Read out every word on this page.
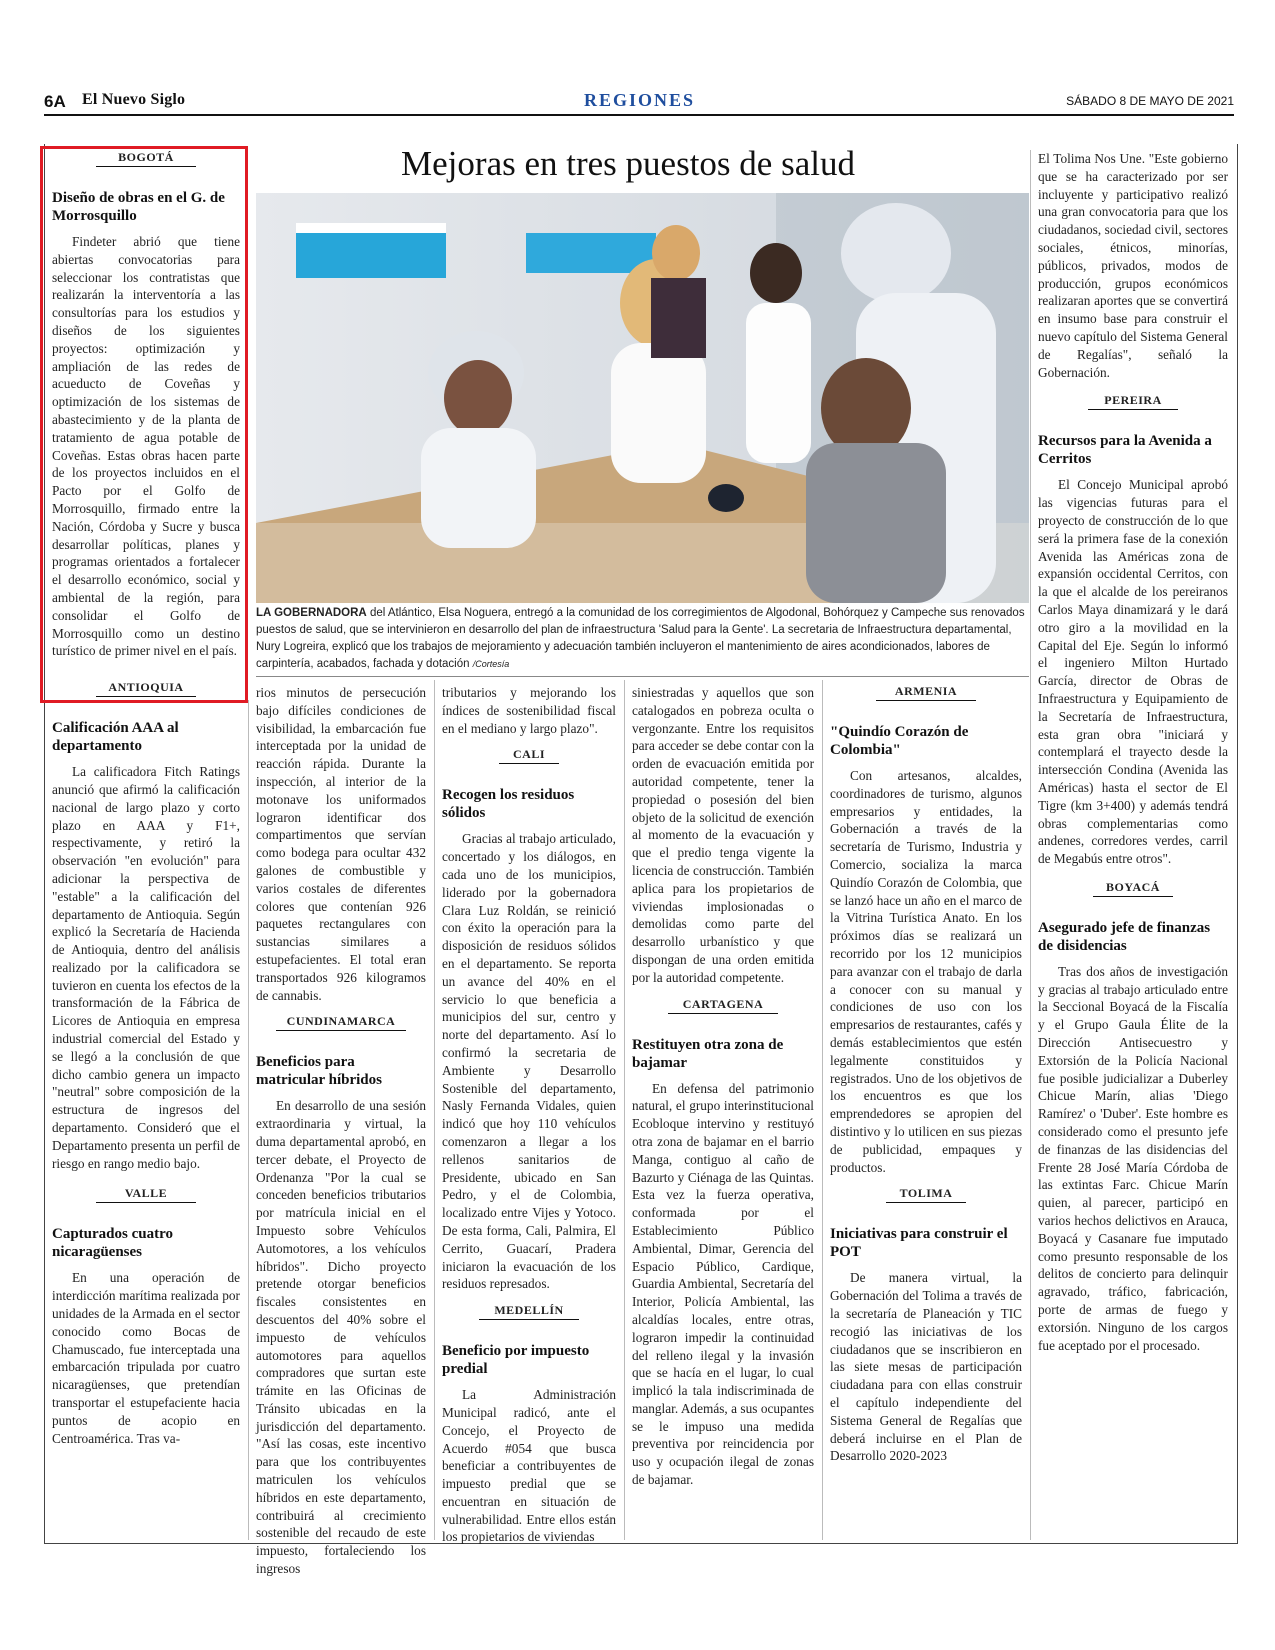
6A El Nuevo Siglo	REGIONES	SÁBADO 8 DE MAYO DE 2021
Mejoras en tres puestos de salud
LA GOBERNADORA del Atlántico, Elsa Noguera, entregó a la comunidad de los corregimientos de Algodonal, Bohórquez y Campeche sus renovados puestos de salud, que se intervinieron en desarrollo del plan de infraestructura 'Salud para la Gente'. La secretaria de Infraestructura departamental, Nury Logreira, explicó que los trabajos de mejoramiento y adecuación también incluyeron el mantenimiento de aires acondicionados, labores de carpintería, acabados, fachada y dotación /Cortesía
BOGOTÁ
Diseño de obras en el G. de Morrosquillo

Findeter abrió que tiene abiertas convocatorias para seleccionar los contratistas que realizarán la interventoría a las consultorías para los estudios y diseños de los siguientes proyectos: optimización y ampliación de las redes de acueducto de Coveñas y optimización de los sistemas de abastecimiento y de la planta de tratamiento de agua potable de Coveñas. Estas obras hacen parte de los proyectos incluidos en el Pacto por el Golfo de Morrosquillo, firmado entre la Nación, Córdoba y Sucre y busca desarrollar políticas, planes y programas orientados a fortalecer el desarrollo económico, social y ambiental de la región, para consolidar el Golfo de Morrosquillo como un destino turístico de primer nivel en el país.

ANTIOQUIA
Calificación AAA al departamento

La calificadora Fitch Ratings anunció que afirmó la calificación nacional de largo plazo y corto plazo en AAA y F1+, respectivamente, y retiró la observación "en evolución" para adicionar la perspectiva de "estable" a la calificación del departamento de Antioquia. Según explicó la Secretaría de Hacienda de Antioquia, dentro del análisis realizado por la calificadora se tuvieron en cuenta los efectos de la transformación de la Fábrica de Licores de Antioquia en empresa industrial comercial del Estado y se llegó a la conclusión de que dicho cambio genera un impacto "neutral" sobre composición de la estructura de ingresos del departamento. Consideró que el Departamento presenta un perfil de riesgo en rango medio bajo.

VALLE
Capturados cuatro nicaragüenses

En una operación de interdicción marítima realizada por unidades de la Armada en el sector conocido como Bocas de Chamuscado, fue interceptada una embarcación tripulada por cuatro nicaragüenses, que pretendían transportar el estupefaciente hacia puntos de acopio en Centroamérica. Tras va-

rios minutos de persecución bajo difíciles condiciones de visibilidad, la embarcación fue interceptada por la unidad de reacción rápida. Durante la inspección, al interior de la motonave los uniformados lograron identificar dos compartimentos que servían como bodega para ocultar 432 galones de combustible y varios costales de diferentes colores que contenían 926 paquetes rectangulares con sustancias similares a estupefacientes. El total eran transportados 926 kilogramos de cannabis.

CUNDINAMARCA
Beneficios para matricular híbridos

En desarrollo de una sesión extraordinaria y virtual, la duma departamental aprobó, en tercer debate, el Proyecto de Ordenanza "Por la cual se conceden beneficios tributarios por matrícula inicial en el Impuesto sobre Vehículos Automotores, a los vehículos híbridos". Dicho proyecto pretende otorgar beneficios fiscales consistentes en descuentos del 40% sobre el impuesto de vehículos automotores para aquellos compradores que surtan este trámite en las Oficinas de Tránsito ubicadas en la jurisdicción del departamento. "Así las cosas, este incentivo para que los contribuyentes matriculen los vehículos híbridos en este departamento, contribuirá al crecimiento sostenible del recaudo de este impuesto, fortaleciendo los ingresos

tributarios y mejorando los índices de sostenibilidad fiscal en el mediano y largo plazo".

CALI
Recogen los residuos sólidos

Gracias al trabajo articulado, concertado y los diálogos, en cada uno de los municipios, liderado por la gobernadora Clara Luz Roldán, se reinició con éxito la operación para la disposición de residuos sólidos en el departamento. Se reporta un avance del 40% en el servicio lo que beneficia a municipios del sur, centro y norte del departamento. Así lo confirmó la secretaria de Ambiente y Desarrollo Sostenible del departamento, Nasly Fernanda Vidales, quien indicó que hoy 110 vehículos comenzaron a llegar a los rellenos sanitarios de Presidente, ubicado en San Pedro, y el de Colombia, localizado entre Vijes y Yotoco. De esta forma, Cali, Palmira, El Cerrito, Guacarí, Pradera iniciaron la evacuación de los residuos represados.

MEDELLÍN
Beneficio por impuesto predial

La Administración Municipal radicó, ante el Concejo, el Proyecto de Acuerdo #054 que busca beneficiar a contribuyentes de impuesto predial que se encuentran en situación de vulnerabilidad. Entre ellos están los propietarios de viviendas

siniestradas y aquellos que son catalogados en pobreza oculta o vergonzante. Entre los requisitos para acceder se debe contar con la orden de evacuación emitida por autoridad competente, tener la propiedad o posesión del bien objeto de la solicitud de exención al momento de la evacuación y que el predio tenga vigente la licencia de construcción. También aplica para los propietarios de viviendas implosionadas o demolidas como parte del desarrollo urbanístico y que dispongan de una orden emitida por la autoridad competente.

CARTAGENA
Restituyen otra zona de bajamar

En defensa del patrimonio natural, el grupo interinstitucional Ecobloque intervino y restituyó otra zona de bajamar en el barrio Manga, contiguo al caño de Bazurto y Ciénaga de las Quintas. Esta vez la fuerza operativa, conformada por el Establecimiento Público Ambiental, Dimar, Gerencia del Espacio Público, Cardique, Guardia Ambiental, Secretaría del Interior, Policía Ambiental, las alcaldías locales, entre otras, lograron impedir la continuidad del relleno ilegal y la invasión que se hacía en el lugar, lo cual implicó la tala indiscriminada de manglar. Además, a sus ocupantes se le impuso una medida preventiva por reincidencia por uso y ocupación ilegal de zonas de bajamar.

ARMENIA
"Quindío Corazón de Colombia"

Con artesanos, alcaldes, coordinadores de turismo, algunos empresarios y entidades, la Gobernación a través de la secretaría de Turismo, Industria y Comercio, socializa la marca Quindío Corazón de Colombia, que se lanzó hace un año en el marco de la Vitrina Turística Anato. En los próximos días se realizará un recorrido por los 12 municipios para avanzar con el trabajo de darla a conocer con su manual y condiciones de uso con los empresarios de restaurantes, cafés y demás establecimientos que estén legalmente constituidos y registrados. Uno de los objetivos de los encuentros es que los emprendedores se apropien del distintivo y lo utilicen en sus piezas de publicidad, empaques y productos.

TOLIMA
Iniciativas para construir el POT

De manera virtual, la Gobernación del Tolima a través de la secretaría de Planeación y TIC recogió las iniciativas de los ciudadanos que se inscribieron en las siete mesas de participación ciudadana para con ellas construir el capítulo independiente del Sistema General de Regalías que deberá incluirse en el Plan de Desarrollo 2020-2023

El Tolima Nos Une. "Este gobierno que se ha caracterizado por ser incluyente y participativo realizó una gran convocatoria para que los ciudadanos, sociedad civil, sectores sociales, étnicos, minorías, públicos, privados, modos de producción, grupos económicos realizaran aportes que se convertirá en insumo base para construir el nuevo capítulo del Sistema General de Regalías", señaló la Gobernación.

PEREIRA
Recursos para la Avenida a Cerritos

El Concejo Municipal aprobó las vigencias futuras para el proyecto de construcción de lo que será la primera fase de la conexión Avenida las Américas zona de expansión occidental Cerritos, con la que el alcalde de los pereiranos Carlos Maya dinamizará y le dará otro giro a la movilidad en la Capital del Eje. Según lo informó el ingeniero Milton Hurtado García, director de Obras de Infraestructura y Equipamiento de la Secretaría de Infraestructura, esta gran obra "iniciará y contemplará el trayecto desde la intersección Condina (Avenida las Américas) hasta el sector de El Tigre (km 3+400) y además tendrá obras complementarias como andenes, corredores verdes, carril de Megabús entre otros".

BOYACÁ
Asegurado jefe de finanzas de disidencias

Tras dos años de investigación y gracias al trabajo articulado entre la Seccional Boyacá de la Fiscalía y el Grupo Gaula Élite de la Dirección Antisecuestro y Extorsión de la Policía Nacional fue posible judicializar a Duberley Chicue Marín, alias 'Diego Ramírez' o 'Duber'. Este hombre es considerado como el presunto jefe de finanzas de las disidencias del Frente 28 José María Córdoba de las extintas Farc. Chicue Marín quien, al parecer, participó en varios hechos delictivos en Arauca, Boyacá y Casanare fue imputado como presunto responsable de los delitos de concierto para delinquir agravado, tráfico, fabricación, porte de armas de fuego y extorsión. Ninguno de los cargos fue aceptado por el procesado.
